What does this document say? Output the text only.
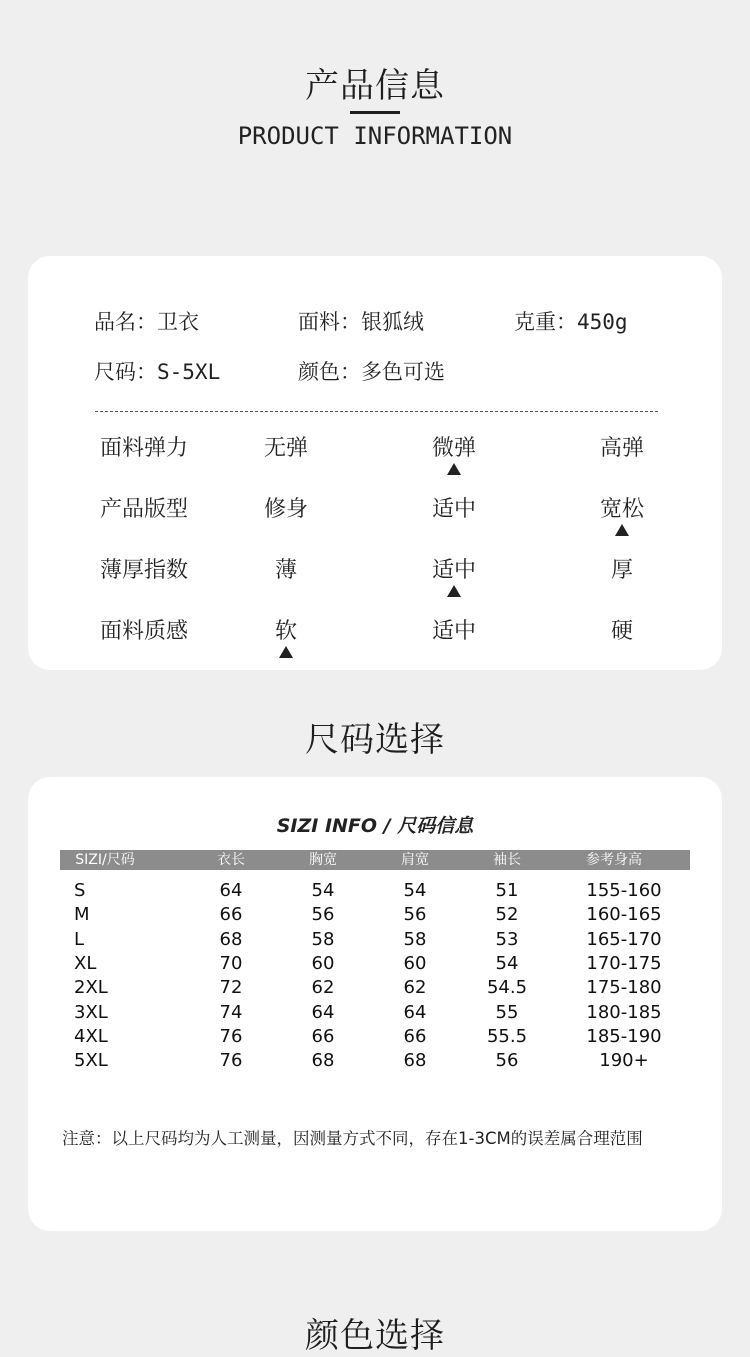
产品信息
PRODUCT INFORMATION
品名：卫衣	面料：银狐绒	克重：450g
尺码：S-5XL	颜色：多色可选
面料弹力	无弹	微弹	高弹
产品版型	修身	适中	宽松
薄厚指数	薄	适中	厚
面料质感	软	适中	硬
尺码选择
SIZI INFO / 尺码信息
SIZI/尺码	衣长	胸宽	肩宽	袖长	参考身高
S	64	54	54	51	155-160
M	66	56	56	52	160-165
L	68	58	58	53	165-170
XL	70	60	60	54	170-175
2XL	72	62	62	54.5	175-180
3XL	74	64	64	55	180-185
4XL	76	66	66	55.5	185-190
5XL	76	68	68	56	190+
注意：以上尺码均为人工测量，因测量方式不同，存在1-3CM的误差属合理范围
颜色选择
